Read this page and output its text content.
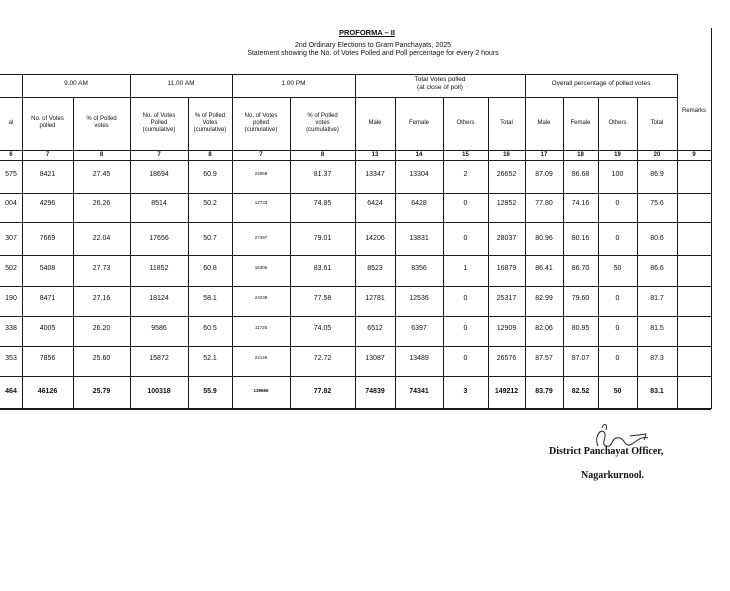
PROFORMA – II
2nd Ordinary Elections to Gram Panchayats, 2025
Statement showing the No. of Votes Polled and Poll percentage for every 2 hours
9.00 AM	11.00 AM	1.00 PM
Total Votes polled
(at close of poll)
Overall percentage of polled votes
al
6
No. of Votes
polled
7
% of Polled
votes
8
No. of Votes
Polled
(cumulative)
7
% of Polled
Votes
(cumulative)
8
No. of Votes
polled
(cumulative)
7
% of Polled
votes
(cumulative)
8
Male
13
Female
14
Others
15
Total
16
Male
17
Female
18
Others
19
Total
20
Remarks
9
575	8421	27.45	18694	60.9	24968	81.37	13347	13304	2	26652	87.09	86.68	100	86.9
004	4296	26.26	8514	50.2	12733	74.85	6424	6428	0	12852	77.80	74.16	0	75.6
307	7669	22.04	17656	50.7	27497	79.01	14206	13831	0	28037	80.96	80.16	0	80.6
502	5408	27.73	11852	60.8	16306	83.61	8523	8356	1	16879	86.41	86.70	50	86.6
190	8471	27.16	18124	58.1	24239	77.58	12781	12536	0	25317	82.99	79.60	0	81.7
338	4005	26.20	9586	60.5	11726	74.05	6512	6397	0	12909	82.06	80.95	0	81.5
353	7856	25.60	15872	52.1	22146	72.72	13087	13489	0	26576	87.57	87.07	0	87.3
464	46126	25.79	100318	55.9	139665	77.82	74839	74341	3	149212	83.79	82.52	50	83.1
District Panchayat Officer,
Nagarkurnool.
